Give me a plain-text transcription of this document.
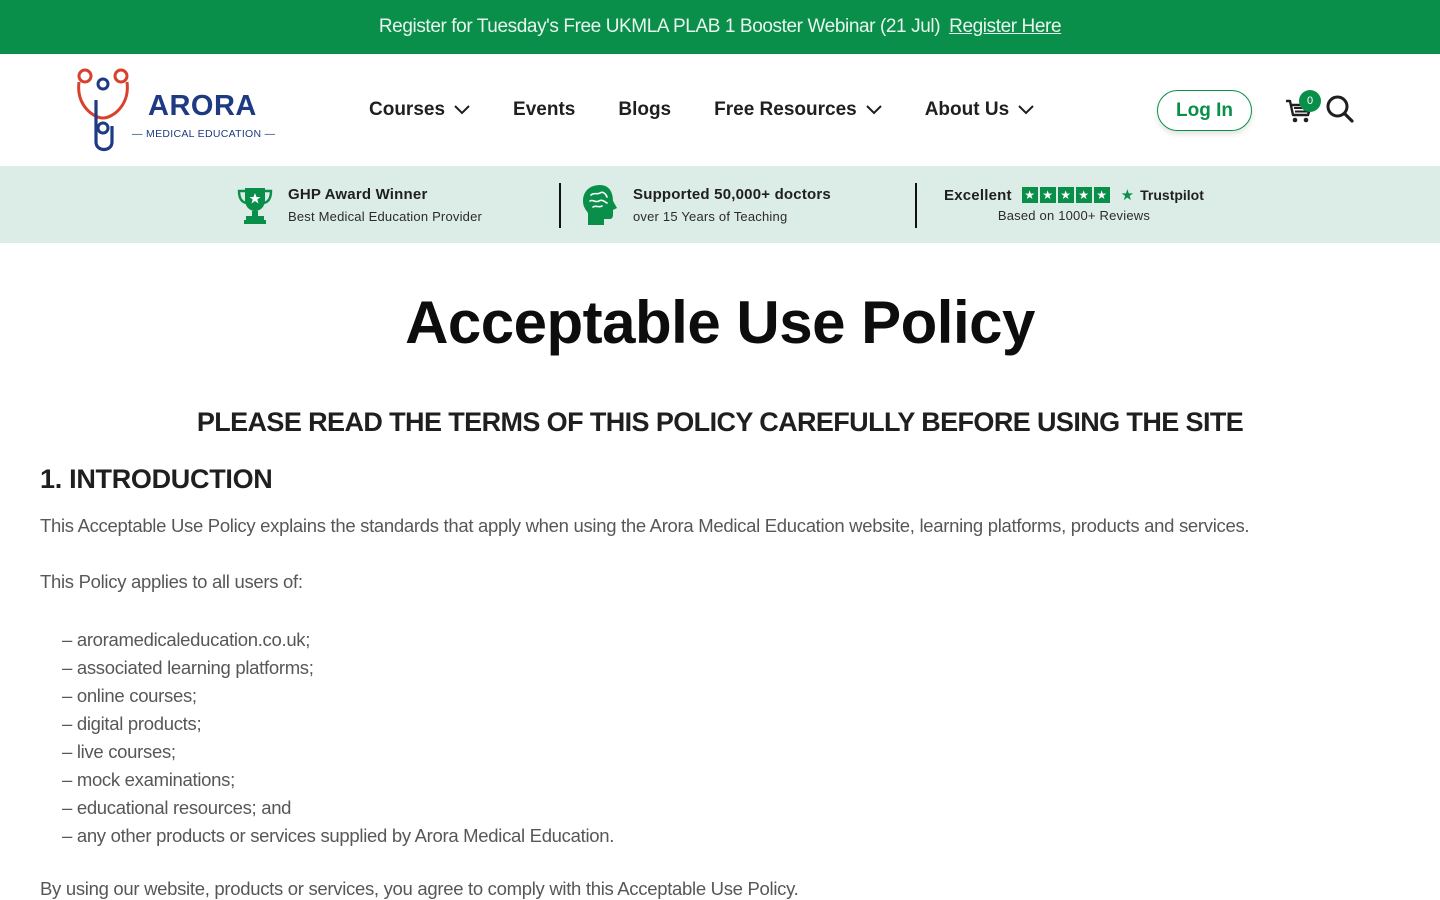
Register for Tuesday's Free UKMLA PLAB 1 Booster Webinar (21 Jul) Register Here
ARORA
— MEDICAL EDUCATION —
Courses	Events Blogs Free Resources	About Us	Log In	0
GHP Award Winner
Best Medical Education Provider
Supported 50,000+ doctors
over 15 Years of Teaching
Excellent ★ ★ ★ ★ ★ ★ Trustpilot
Based on 1000+ Reviews
Acceptable Use Policy
PLEASE READ THE TERMS OF THIS POLICY CAREFULLY BEFORE USING THE SITE
1. INTRODUCTION

This Acceptable Use Policy explains the standards that apply when using the Arora Medical Education website, learning platforms, products and services.

This Policy applies to all users of:

– aroramedicaleducation.co.uk;
– associated learning platforms;
– online courses;
– digital products;
– live courses;
– mock examinations;
– educational resources; and
– any other products or services supplied by Arora Medical Education.

By using our website, products or services, you agree to comply with this Acceptable Use Policy.
